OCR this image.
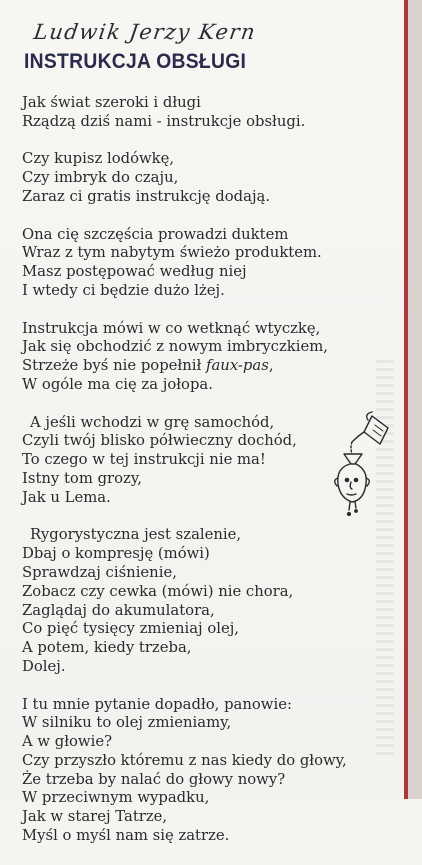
Ludwik Jerzy Kern
INSTRUKCJA OBSŁUGI
Jak świat szeroki i długi
Rządzą dziś nami - instrukcje obsługi.
Czy kupisz lodówkę,
Czy imbryk do czaju,
Zaraz ci gratis instrukcję dodają.
Ona cię szczęścia prowadzi duktem
Wraz z tym nabytym świeżo produktem.
Masz postępować według niej
I wtedy ci będzie dużo lżej.
Instrukcja mówi w co wetknąć wtyczkę,
Jak się obchodzić z nowym imbryczkiem,
Strzeże byś nie popełnił faux-pas,
W ogóle ma cię za jołopa.
A jeśli wchodzi w grę samochód,
Czyli twój blisko półwieczny dochód,
To czego w tej instrukcji nie ma!
Istny tom grozy,
Jak u Lema.
Rygorystyczna jest szalenie,
Dbaj o kompresję (mówi)
Sprawdzaj ciśnienie,
Zobacz czy cewka (mówi) nie chora,
Zaglądaj do akumulatora,
Co pięć tysięcy zmieniaj olej,
A potem, kiedy trzeba,
Dolej.
I tu mnie pytanie dopadło, panowie:
W silniku to olej zmieniamy,
A w głowie?
Czy przyszło któremu z nas kiedy do głowy,
Że trzeba by nalać do głowy nowy?
W przeciwnym wypadku,
Jak w starej Tatrze,
Myśl o myśl nam się zatrze.
